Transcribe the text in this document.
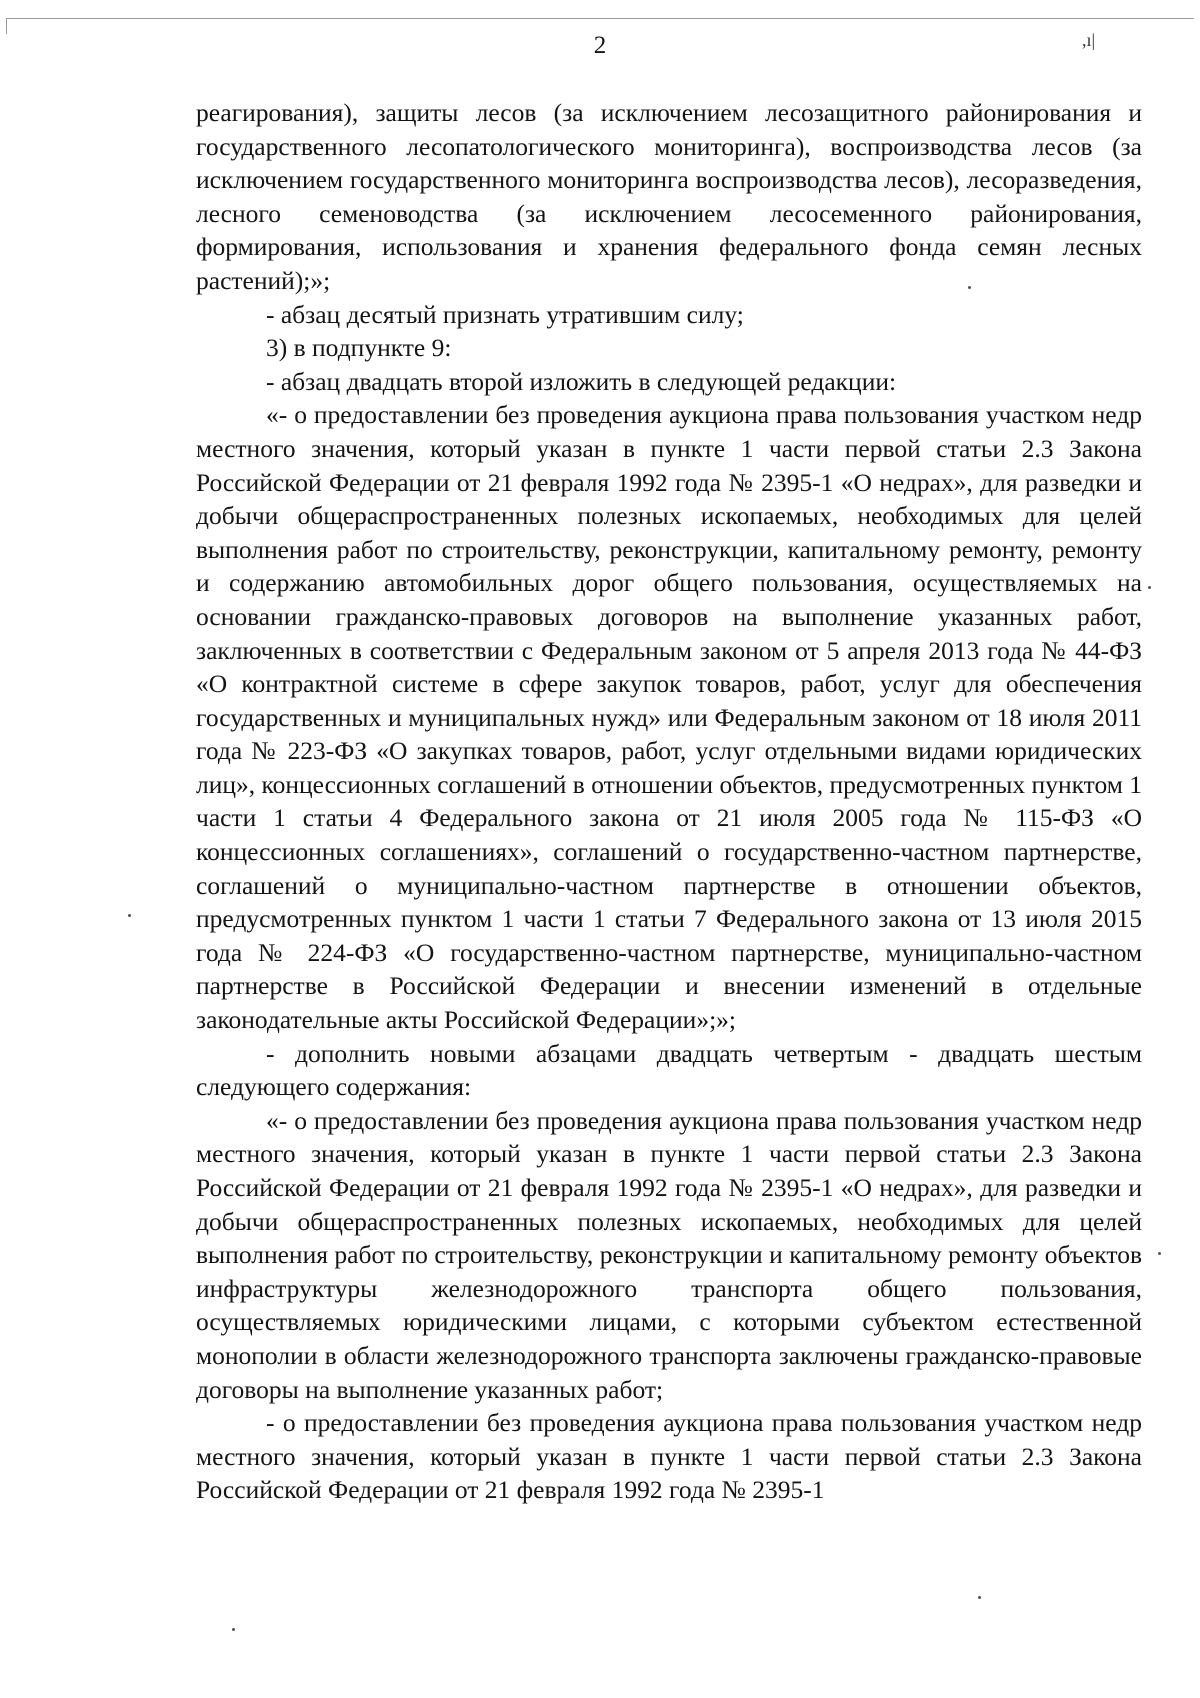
2	,ı|

реагирования), защиты лесов (за исключением лесозащитного районирования и государственного лесопатологического мониторинга), воспроизводства лесов (за исключением государственного мониторинга воспроизводства лесов), лесоразведения, лесного семеноводства (за исключением лесосеменного районирования, формирования, использования и хранения федерального фонда семян лесных растений);»;

- абзац десятый признать утратившим силу;

3) в подпункте 9:

- абзац двадцать второй изложить в следующей редакции:

«- о предоставлении без проведения аукциона права пользования участком недр местного значения, который указан в пункте 1 части первой статьи 2.3 Закона Российской Федерации от 21 февраля 1992 года № 2395-1 «О недрах», для разведки и добычи общераспространенных полезных ископаемых, необходимых для целей выполнения работ по строительству, реконструкции, капитальному ремонту, ремонту и содержанию автомобильных дорог общего пользования, осуществляемых на основании гражданско-правовых договоров на выполнение указанных работ, заключенных в соответствии с Федеральным законом от 5 апреля 2013 года № 44-ФЗ «О контрактной системе в сфере закупок товаров, работ, услуг для обеспечения государственных и муниципальных нужд» или Федеральным законом от 18 июля 2011 года № 223-ФЗ «О закупках товаров, работ, услуг отдельными видами юридических лиц», концессионных соглашений в отношении объектов, предусмотренных пунктом 1 части 1 статьи 4 Федерального закона от 21 июля 2005 года № 115-ФЗ «О концессионных соглашениях», соглашений о государственно-частном партнерстве, соглашений о муниципально-частном партнерстве в отношении объектов, предусмотренных пунктом 1 части 1 статьи 7 Федерального закона от 13 июля 2015 года № 224-ФЗ «О государственно-частном партнерстве, муниципально-частном партнерстве в Российской Федерации и внесении изменений в отдельные законодательные акты Российской Федерации»;»;

- дополнить новыми абзацами двадцать четвертым - двадцать шестым следующего содержания:

«- о предоставлении без проведения аукциона права пользования участком недр местного значения, который указан в пункте 1 части первой статьи 2.3 Закона Российской Федерации от 21 февраля 1992 года № 2395-1 «О недрах», для разведки и добычи общераспространенных полезных ископаемых, необходимых для целей выполнения работ по строительству, реконструкции и капитальному ремонту объектов инфраструктуры железнодорожного транспорта общего пользования, осуществляемых юридическими лицами, с которыми субъектом естественной монополии в области железнодорожного транспорта заключены гражданско-правовые договоры на выполнение указанных работ;

- о предоставлении без проведения аукциона права пользования участком недр местного значения, который указан в пункте 1 части первой статьи 2.3 Закона Российской Федерации от 21 февраля 1992 года № 2395-1
